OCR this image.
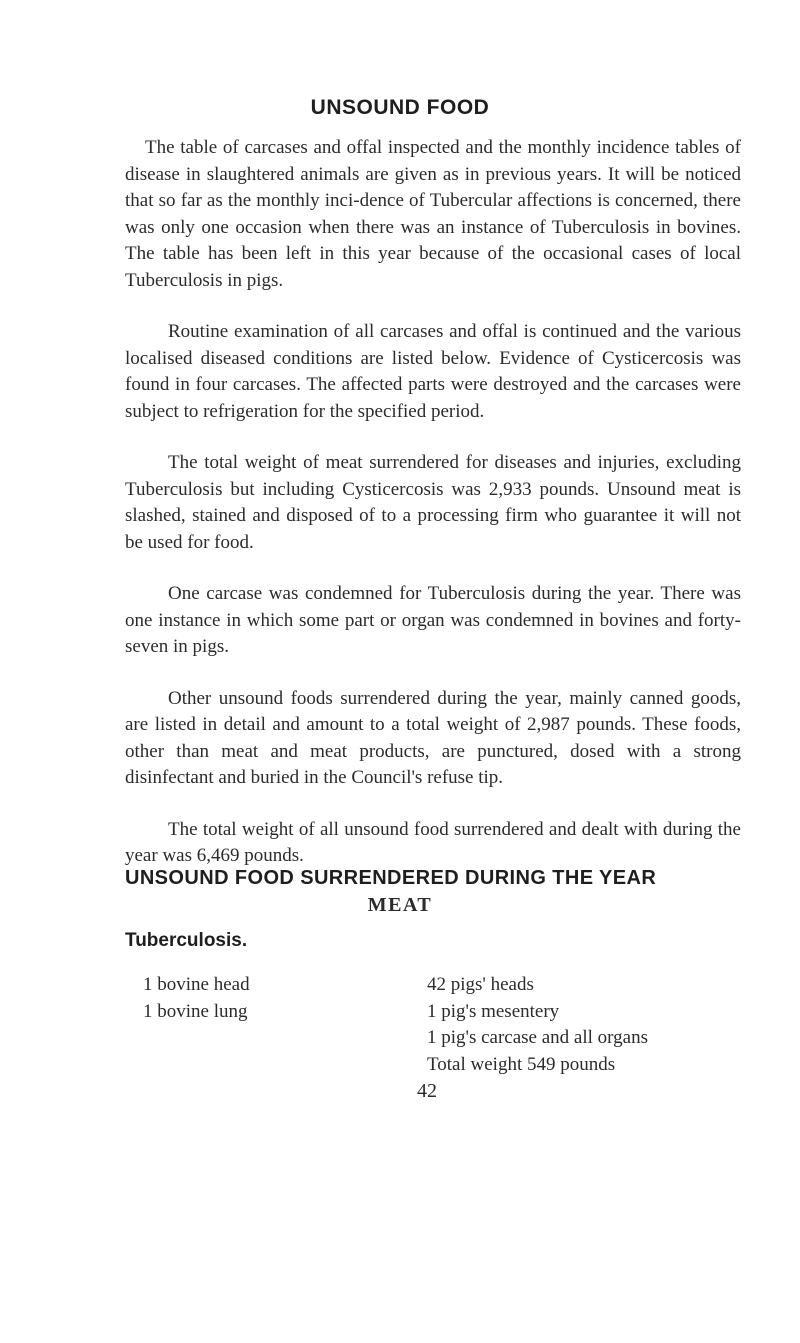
UNSOUND FOOD

The table of carcases and offal inspected and the monthly incidence tables of disease in slaughtered animals are given as in previous years. It will be noticed that so far as the monthly inci-dence of Tubercular affections is concerned, there was only one occasion when there was an instance of Tuberculosis in bovines. The table has been left in this year because of the occasional cases of local Tuberculosis in pigs.

Routine examination of all carcases and offal is continued and the various localised diseased conditions are listed below. Evidence of Cysticercosis was found in four carcases. The affected parts were destroyed and the carcases were subject to refrigeration for the specified period.

The total weight of meat surrendered for diseases and injuries, excluding Tuberculosis but including Cysticercosis was 2,933 pounds. Unsound meat is slashed, stained and disposed of to a processing firm who guarantee it will not be used for food.

One carcase was condemned for Tuberculosis during the year. There was one instance in which some part or organ was condemned in bovines and forty-seven in pigs.

Other unsound foods surrendered during the year, mainly canned goods, are listed in detail and amount to a total weight of 2,987 pounds. These foods, other than meat and meat products, are punctured, dosed with a strong disinfectant and buried in the Council's refuse tip.

The total weight of all unsound food surrendered and dealt with during the year was 6,469 pounds.

UNSOUND FOOD SURRENDERED DURING THE YEAR
MEAT
Tuberculosis.
1 bovine head
1 bovine lung
42 pigs' heads
1 pig's mesentery
1 pig's carcase and all organs
Total weight 549 pounds
42
